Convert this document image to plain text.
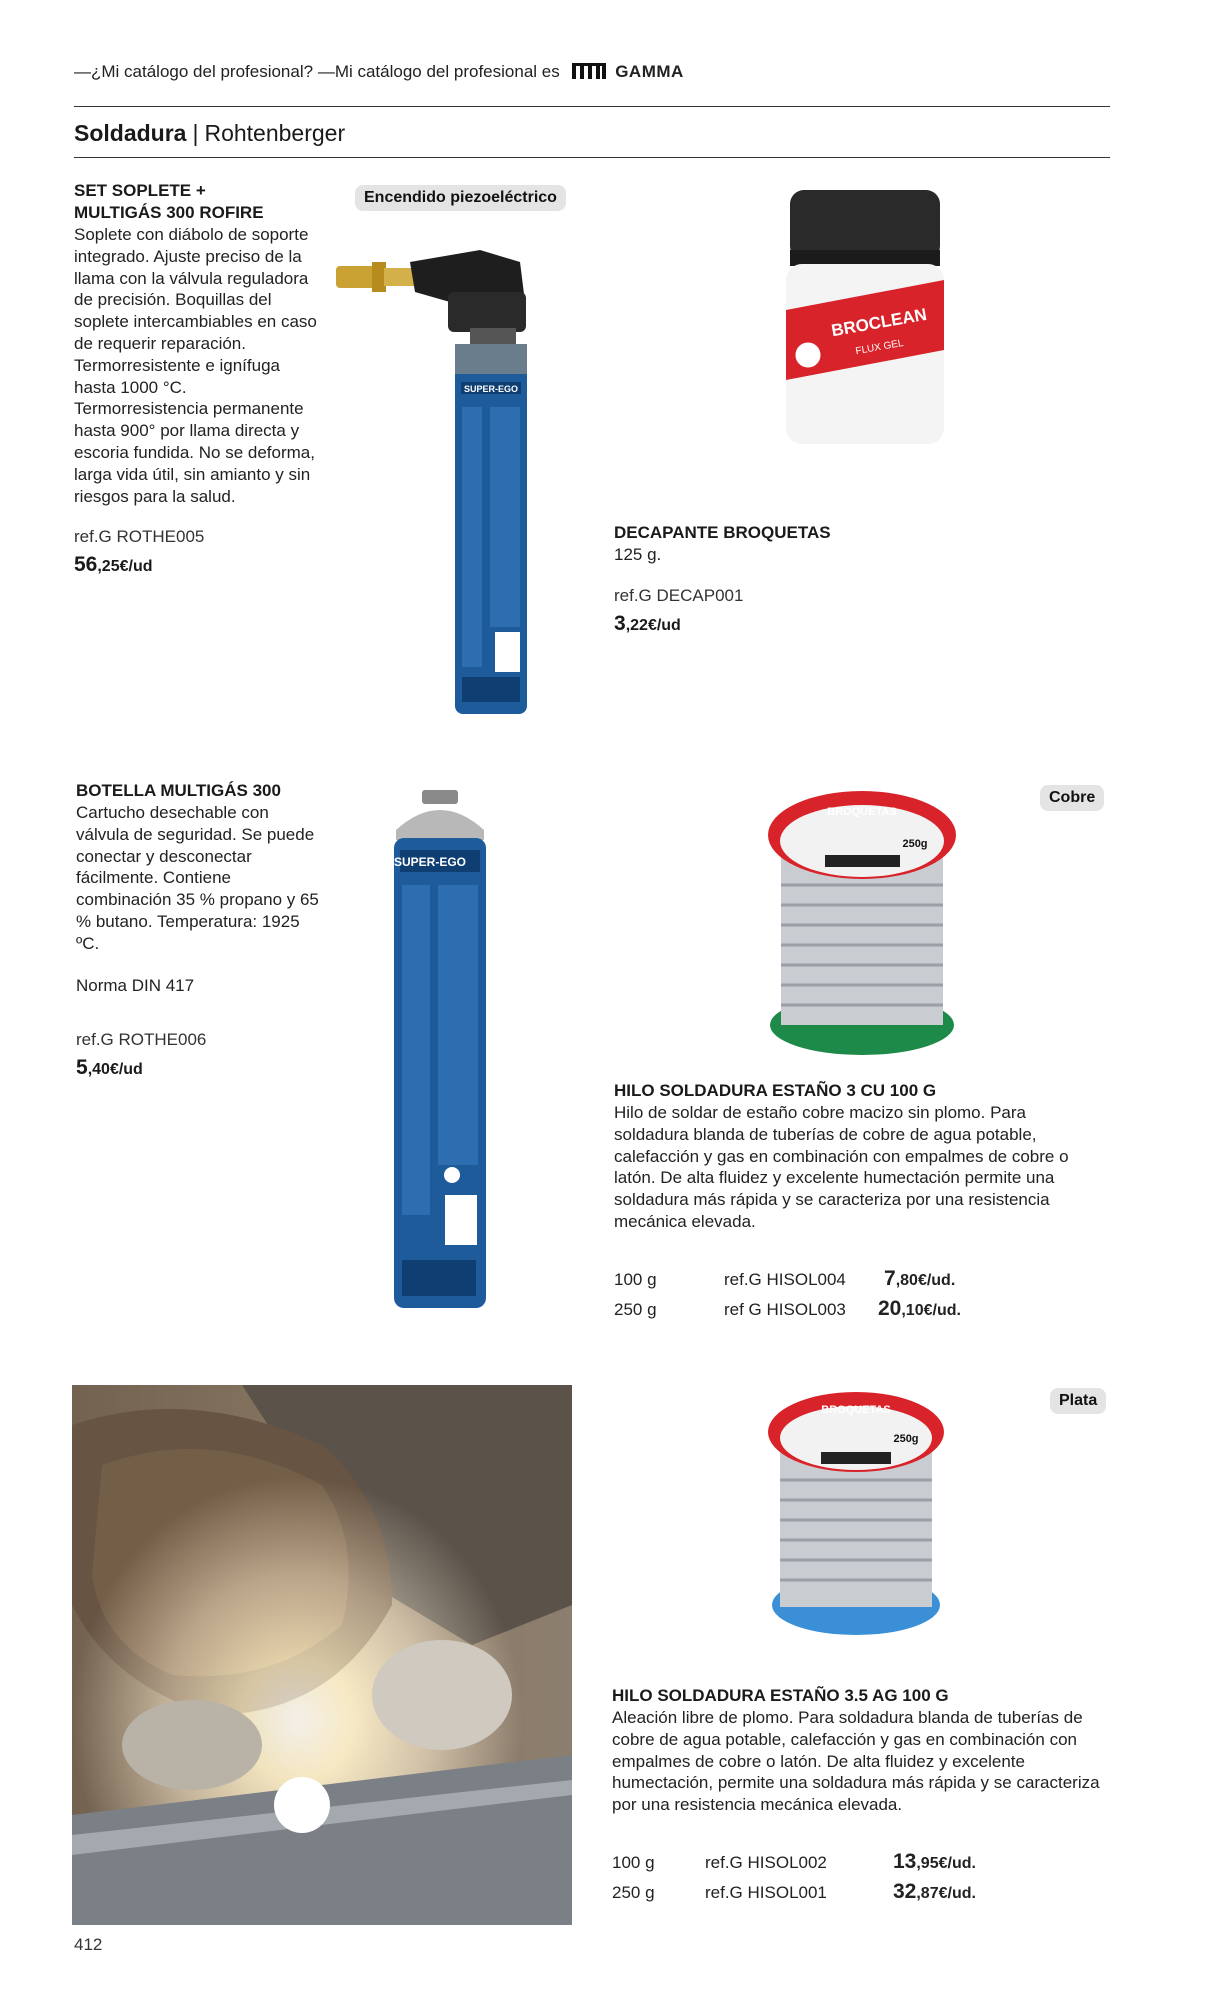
—¿Mi catálogo del profesional? —Mi catálogo del profesional es	GAMMA
Soldadura | Rohtenberger
SET SOPLETE + MULTIGÁS 300 ROFIRE
Soplete con diábolo de soporte integrado. Ajuste preciso de la llama con la válvula reguladora de precisión. Boquillas del soplete intercambiables en caso de requerir reparación. Termorresistente e ignífuga hasta 1000 °C. Termorresistencia permanente hasta 900° por llama directa y escoria fundida. No se deforma, larga vida útil, sin amianto y sin riesgos para la salud.
ref.G ROTHE005
56,25€/ud
Encendido piezoeléctrico
SUPER-EGO
BROCLEAN
FLUX GEL
DECAPANTE BROQUETAS
125 g.
ref.G DECAP001
3,22€/ud
BOTELLA MULTIGÁS 300
Cartucho desechable con válvula de seguridad. Se puede conectar y desconectar fácilmente. Contiene combinación 35 % propano y 65 % butano. Temperatura: 1925 ºC.
Norma DIN 417
ref.G ROTHE006
5,40€/ud
SUPER-EGO
Cobre
BROQUETAS
250g
HILO SOLDADURA ESTAÑO 3 CU 100 G
Hilo de soldar de estaño cobre macizo sin plomo. Para soldadura blanda de tuberías de cobre de agua potable, calefacción y gas en combinación con empalmes de cobre o latón. De alta fluidez y excelente humectación permite una soldadura más rápida y se caracteriza por una resistencia mecánica elevada.
100 g	ref.G HISOL004	7,80€/ud.
250 g	ref G HISOL003	20,10€/ud.
Plata
BROQUETAS
250g
HILO SOLDADURA ESTAÑO 3.5 AG 100 G
Aleación libre de plomo. Para soldadura blanda de tuberías de cobre de agua potable, calefacción y gas en combinación con empalmes de cobre o latón. De alta fluidez y excelente humectación, permite una soldadura más rápida y se caracteriza por una resistencia mecánica elevada.
100 g	ref.G HISOL002	13,95€/ud.
250 g	ref.G HISOL001	32,87€/ud.
412
